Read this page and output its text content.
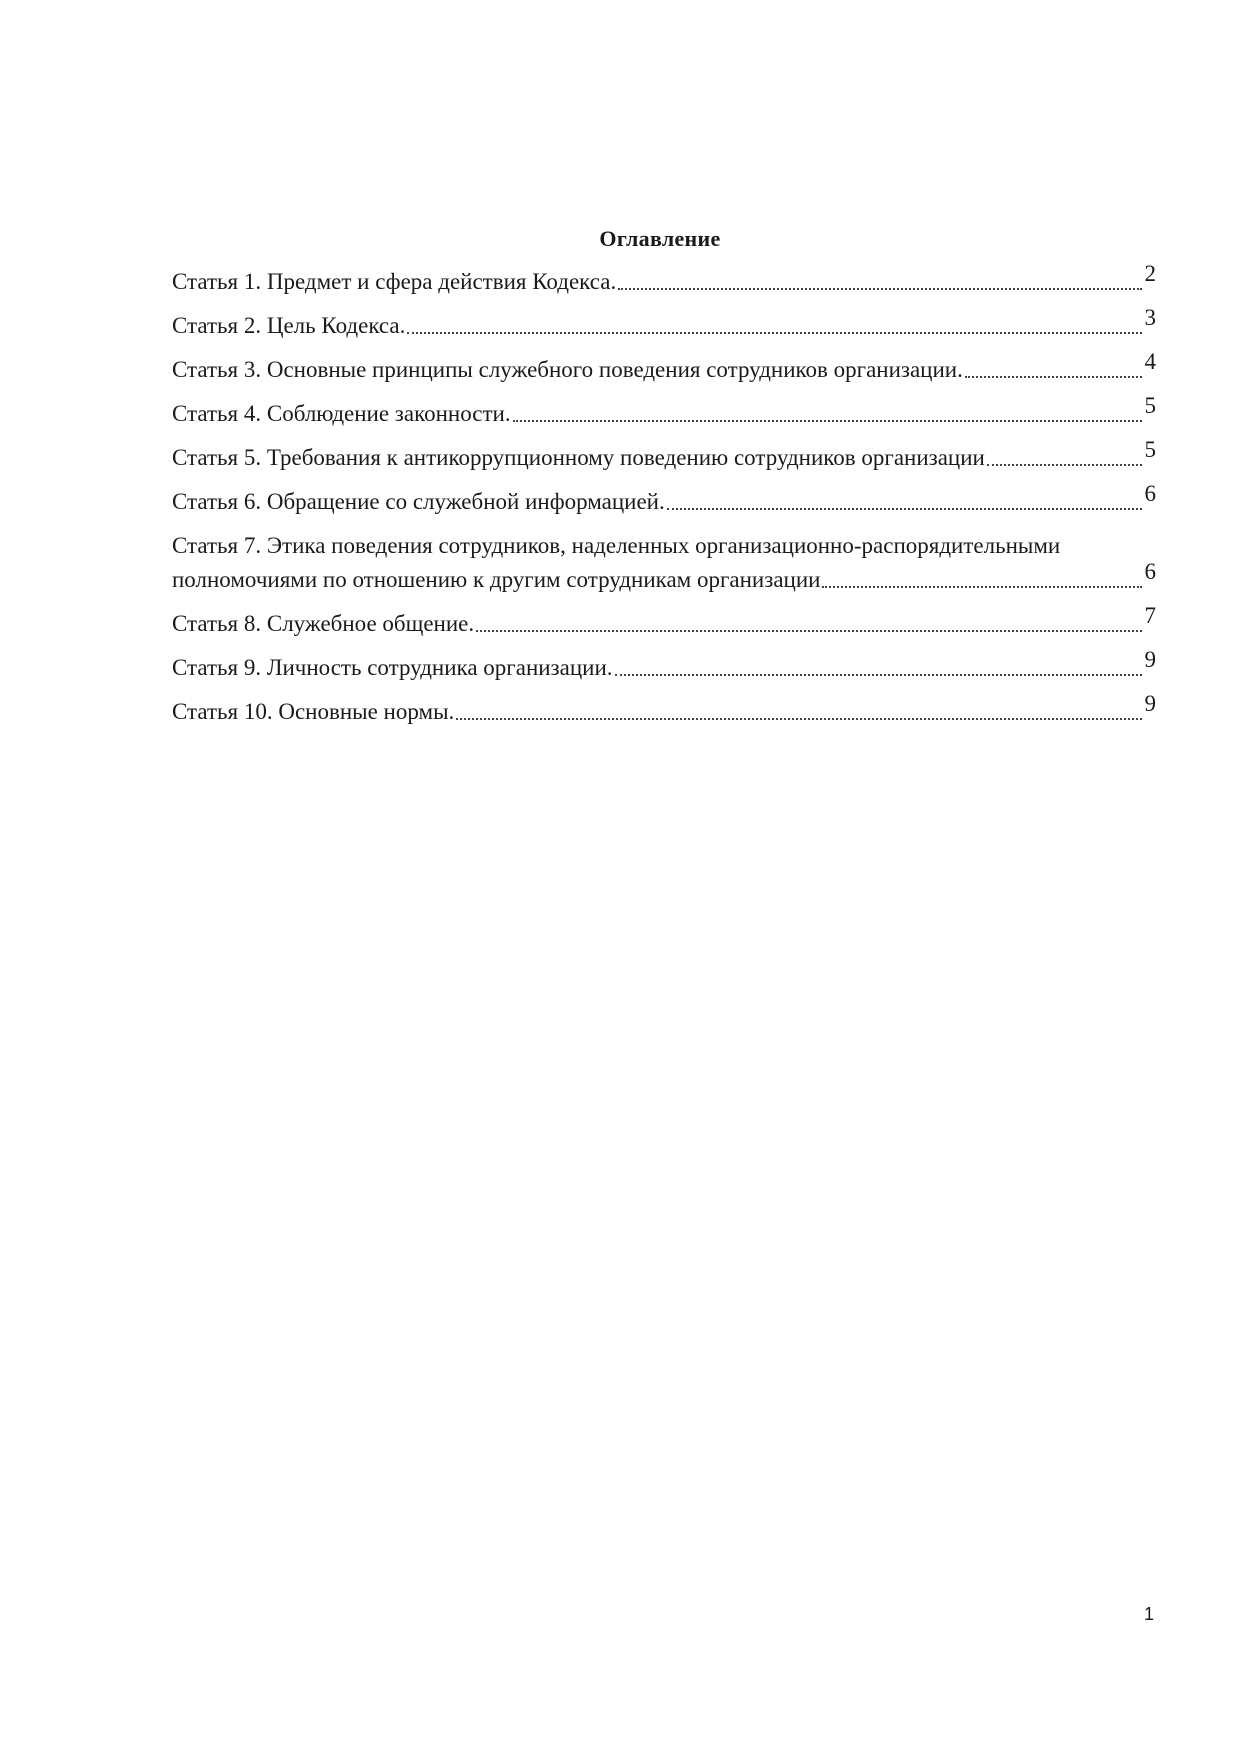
Оглавление
Статья 1. Предмет и сфера действия Кодекса.	2
Статья 2. Цель Кодекса.	3
Статья 3. Основные принципы служебного поведения сотрудников организации.	4
Статья 4. Соблюдение законности.	5
Статья 5. Требования к антикоррупционному поведению сотрудников организации	5
Статья 6. Обращение со служебной информацией.	6
Статья 7. Этика поведения сотрудников, наделенных организационно-распорядительными
полномочиями по отношению к другим сотрудникам организации	6
Статья 8. Служебное общение.	7
Статья 9. Личность сотрудника организации.	9
Статья 10. Основные нормы.	9
1
